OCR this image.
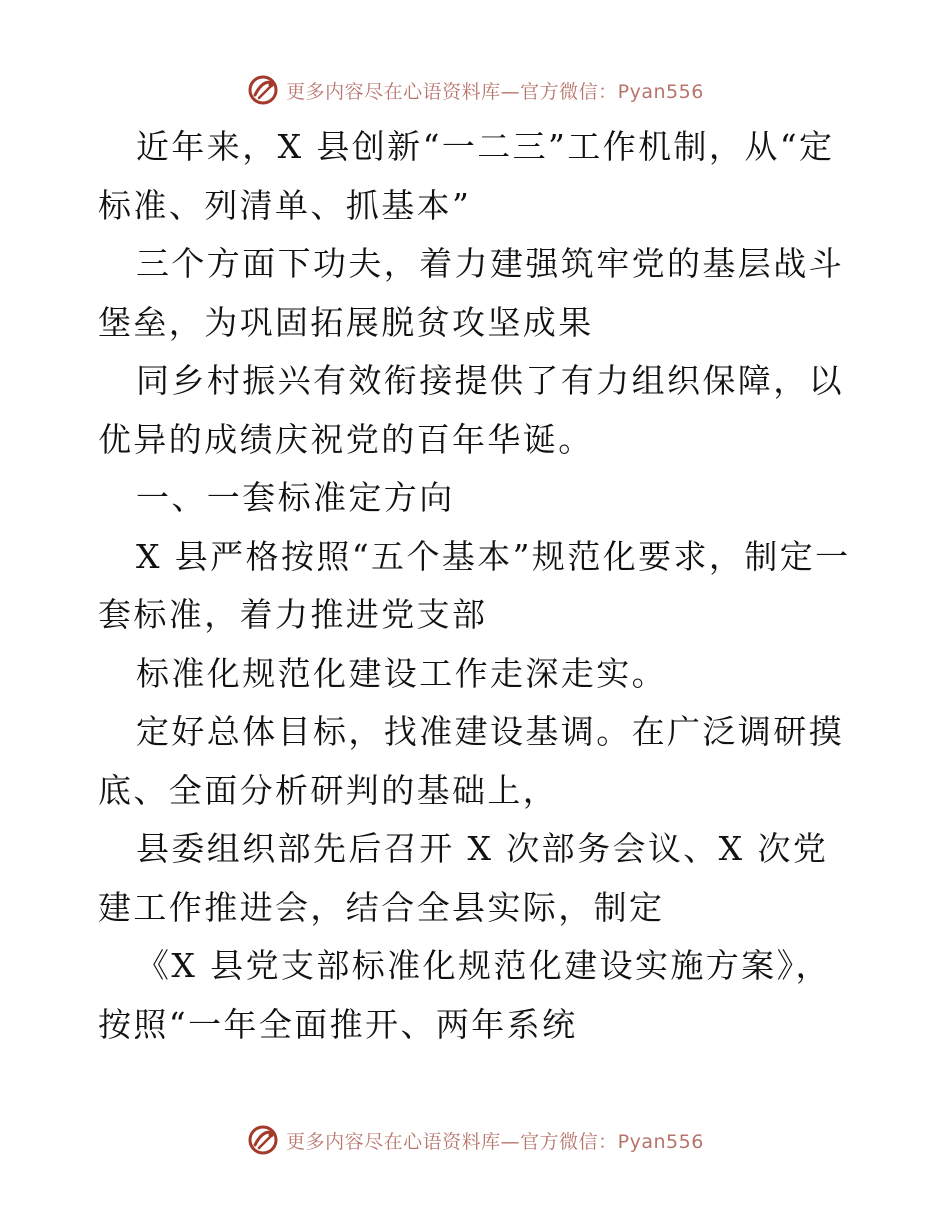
更多内容尽在心语资料库—官方微信：Pyan556

近年来，X 县创新“一二三”工作机制，从“定标准、列清单、抓基本”

三个方面下功夫，着力建强筑牢党的基层战斗堡垒，为巩固拓展脱贫攻坚成果

同乡村振兴有效衔接提供了有力组织保障，以优异的成绩庆祝党的百年华诞。

一、一套标准定方向

X 县严格按照“五个基本”规范化要求，制定一套标准，着力推进党支部

标准化规范化建设工作走深走实。

定好总体目标，找准建设基调。在广泛调研摸底、全面分析研判的基础上，

县委组织部先后召开 X 次部务会议、X 次党建工作推进会，结合全县实际，制定

《X 县党支部标准化规范化建设实施方案》，按照“一年全面推开、两年系统

更多内容尽在心语资料库—官方微信：Pyan556
